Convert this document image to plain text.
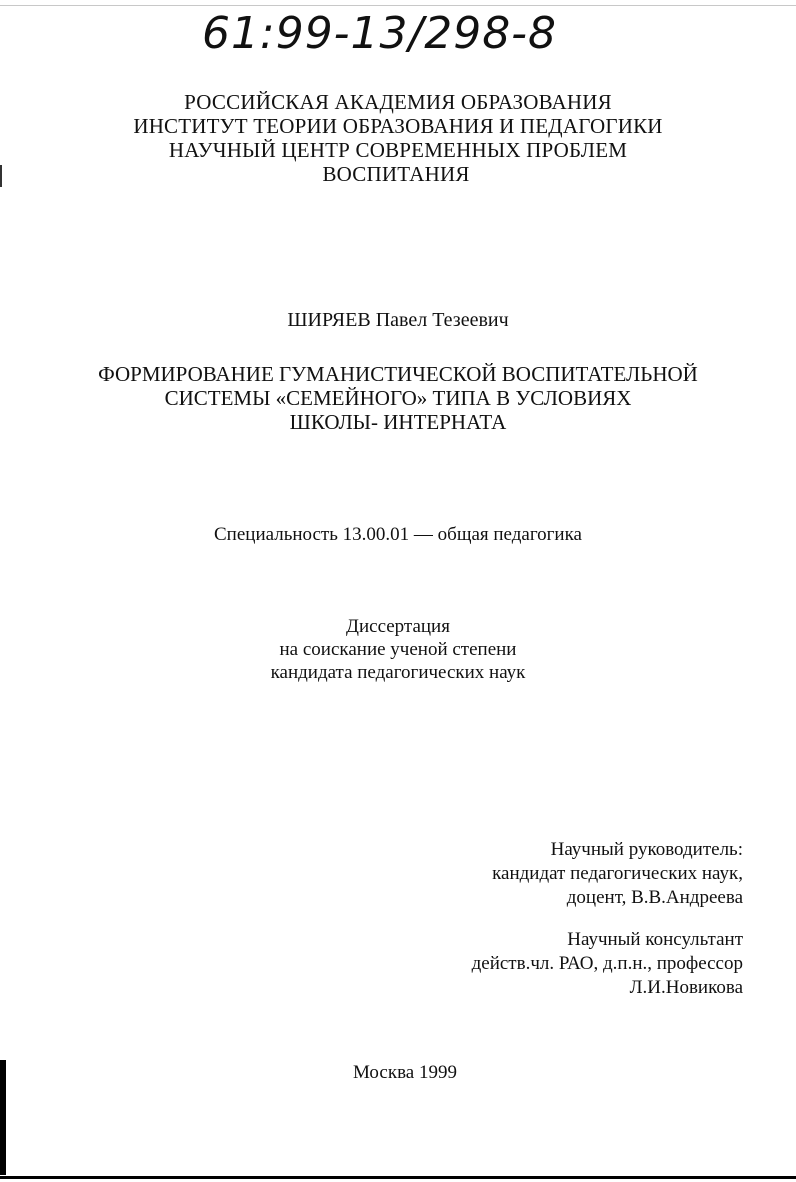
61:99-13/298-8
РОССИЙСКАЯ АКАДЕМИЯ ОБРАЗОВАНИЯ
ИНСТИТУТ ТЕОРИИ ОБРАЗОВАНИЯ И ПЕДАГОГИКИ
НАУЧНЫЙ ЦЕНТР СОВРЕМЕННЫХ ПРОБЛЕМ
ВОСПИТАНИЯ
ШИРЯЕВ Павел Тезеевич
ФОРМИРОВАНИЕ ГУМАНИСТИЧЕСКОЙ ВОСПИТАТЕЛЬНОЙ
СИСТЕМЫ «СЕМЕЙНОГО» ТИПА В УСЛОВИЯХ
ШКОЛЫ- ИНТЕРНАТА
Специальность 13.00.01 — общая педагогика
Диссертация
на соискание ученой степени
кандидата педагогических наук
Научный руководитель:
кандидат педагогических наук,
доцент, В.В.Андреева
Научный консультант
действ.чл. РАО, д.п.н., профессор
Л.И.Новикова
Москва 1999
